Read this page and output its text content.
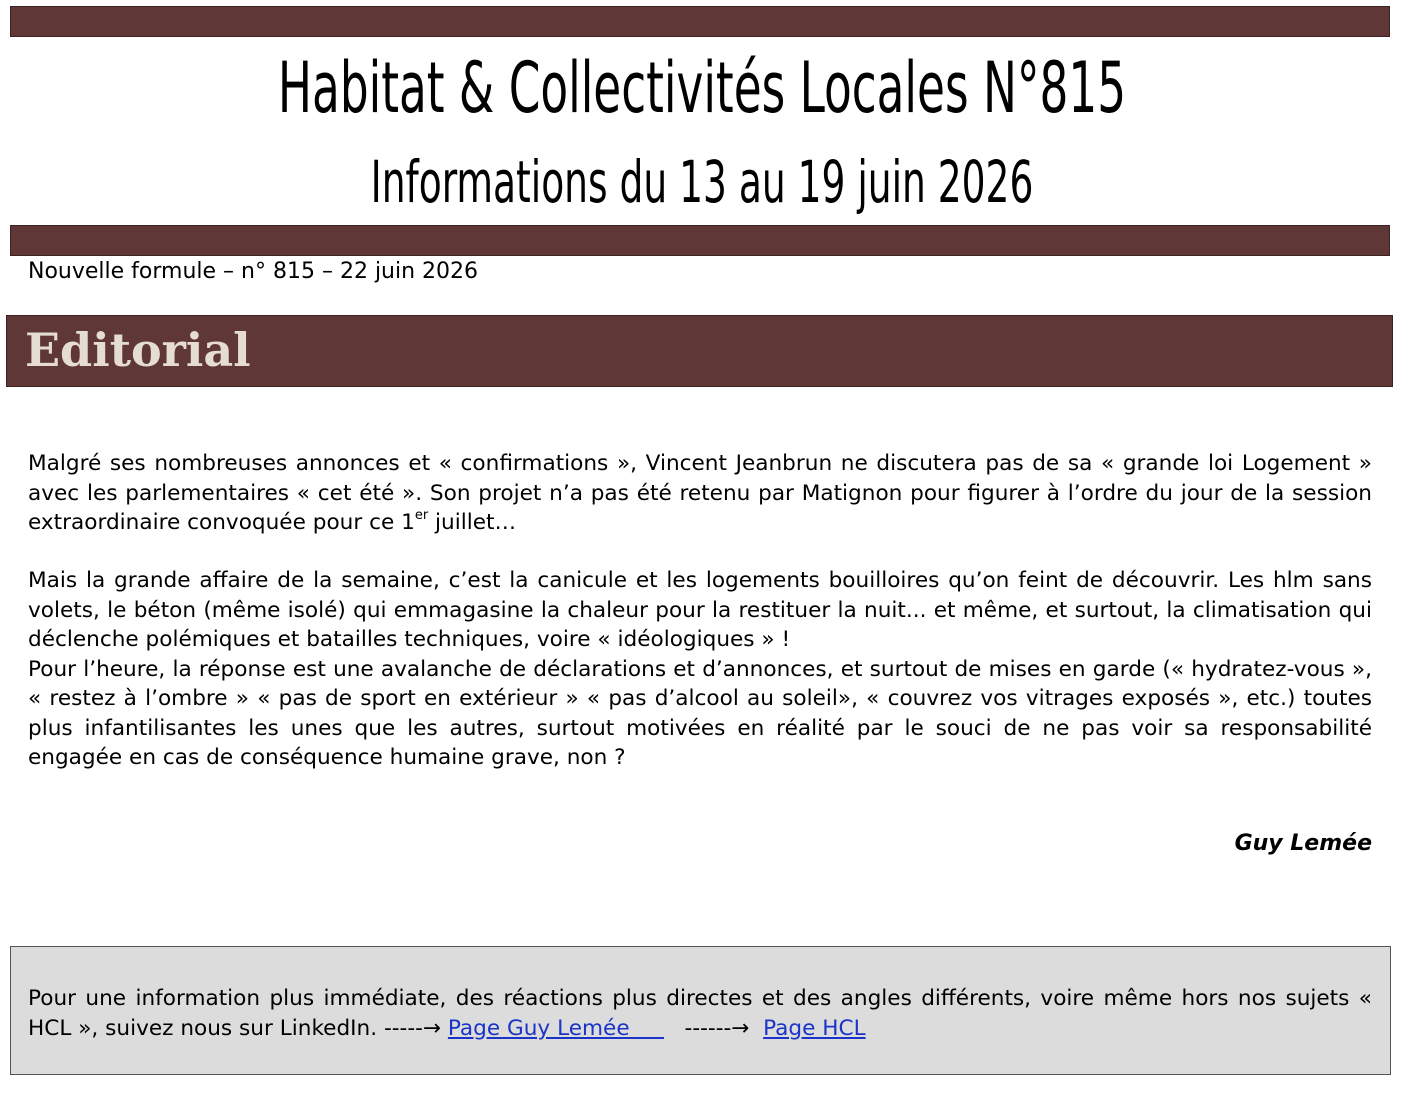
Habitat & Collectivités Locales N°815
Informations du 13 au 19 juin 2026
Nouvelle formule – n° 815 – 22 juin 2026
Editorial

Malgré ses nombreuses annonces et « confirmations », Vincent Jeanbrun ne discutera pas de sa « grande loi Logement » avec les parlementaires « cet été ». Son projet n’a pas été retenu par Matignon pour figurer à l’ordre du jour de la session extraordinaire convoquée pour ce 1er juillet…

Mais la grande affaire de la semaine, c’est la canicule et les logements bouilloires qu’on feint de découvrir. Les hlm sans volets, le béton (même isolé) qui emmagasine la chaleur pour la restituer la nuit... et même, et surtout, la climatisation qui déclenche polémiques et batailles techniques, voire « idéologiques » !
Pour l’heure, la réponse est une avalanche de déclarations et d’annonces, et surtout de mises en garde (« hydratez-vous », « restez à l’ombre » « pas de sport en extérieur » « pas d’alcool au soleil», « couvrez vos vitrages exposés », etc.) toutes plus infantilisantes les unes que les autres, surtout motivées en réalité par le souci de ne pas voir sa responsabilité engagée en cas de conséquence humaine grave, non ?
Guy Lemée

Pour une information plus immédiate, des réactions plus directes et des angles différents, voire même hors nos sujets « HCL », suivez nous sur LinkedIn. -----→ Page Guy Lemée        ------→  Page HCL
